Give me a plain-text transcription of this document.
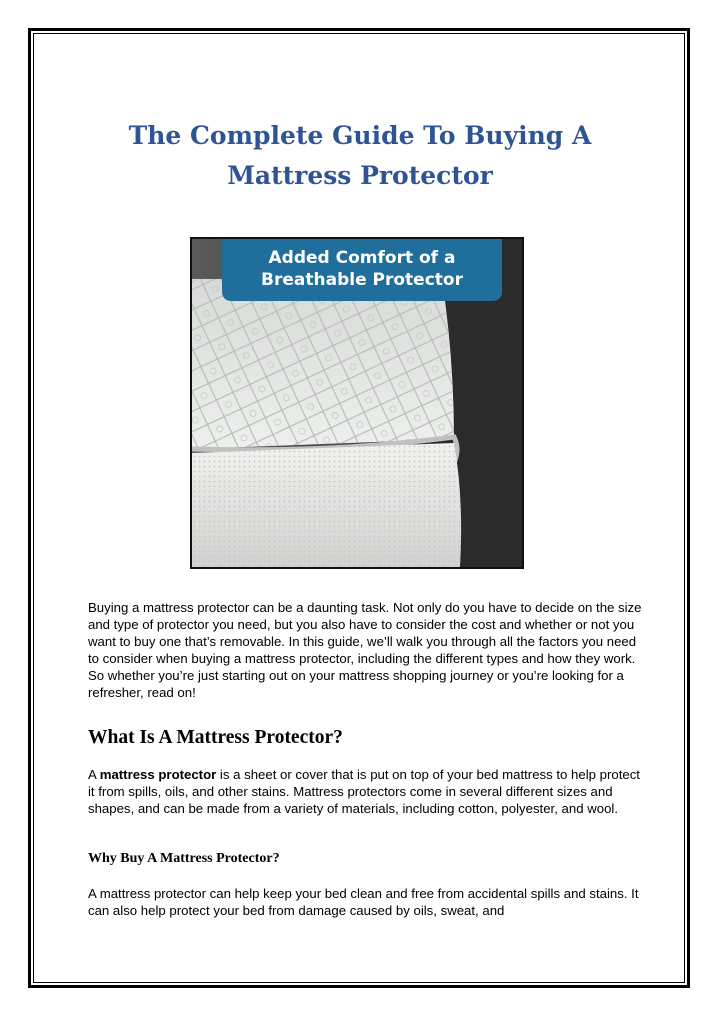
The Complete Guide To Buying A
Mattress Protector
Added Comfort of a
Breathable Protector

Buying a mattress protector can be a daunting task. Not only do you have to decide on the size and type of protector you need, but you also have to consider the cost and whether or not you want to buy one that’s removable. In this guide, we’ll walk you through all the factors you need to consider when buying a mattress protector, including the different types and how they work. So whether you’re just starting out on your mattress shopping journey or you’re looking for a refresher, read on!

What Is A Mattress Protector?

A mattress protector is a sheet or cover that is put on top of your bed mattress to help protect it from spills, oils, and other stains. Mattress protectors come in several different sizes and shapes, and can be made from a variety of materials, including cotton, polyester, and wool.

Why Buy A Mattress Protector?

A mattress protector can help keep your bed clean and free from accidental spills and stains. It can also help protect your bed from damage caused by oils, sweat, and
